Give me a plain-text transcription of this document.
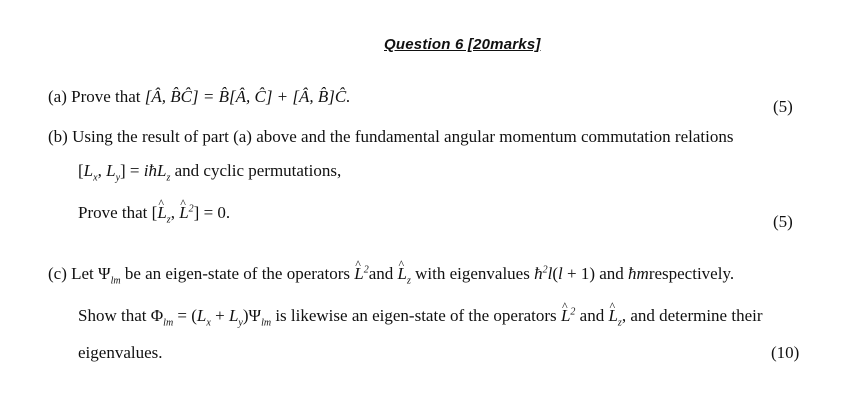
Question 6 [20marks]
(a) Prove that [Â, B̂Ĉ] = B̂[Â, Ĉ] + [Â, B̂]Ĉ.
(5)
(b) Using the result of part (a) above and the fundamental angular momentum commutation relations
[$L_x$, $L_y$] = iħL$_z$ and cyclic permutations,
Prove that [^ $L_z$, ^ $L^2] = 0$.	(5)
(c) Let $\Psi_{lm}$ be an eigen-state of the operators ^ $L^2and$ ^ $L_z$ with eigenvalues $ħ^2l(l + 1)$ and ħmrespectively.
Show that $\Phi_{lm} = (L_x + L_y)\Psi_{lm}$ is likewise an eigen-state of the operators ^ $L^2$ and ^ $L_z$, and determine their
eigenvalues.	(10)
